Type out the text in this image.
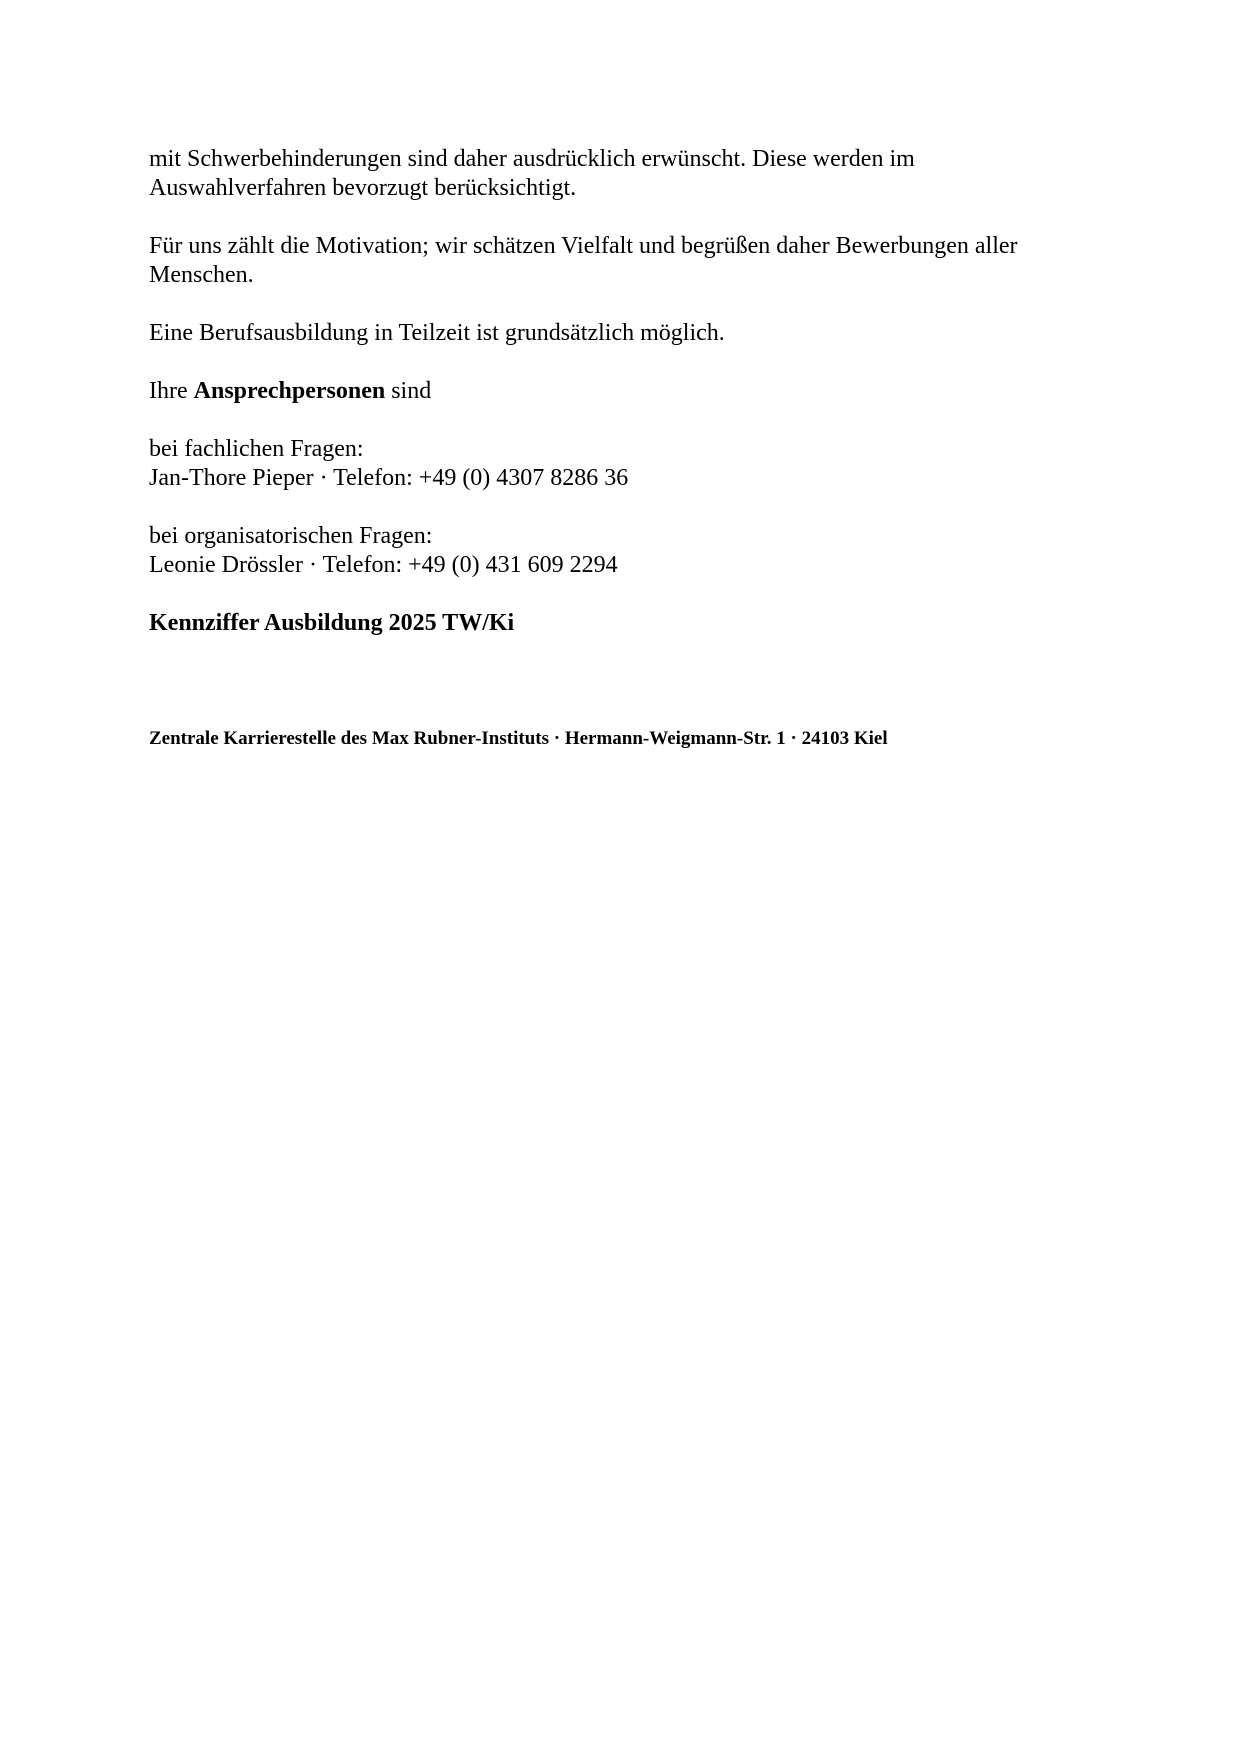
mit Schwerbehinderungen sind daher ausdrücklich erwünscht. Diese werden im
Auswahlverfahren bevorzugt berücksichtigt.

Für uns zählt die Motivation; wir schätzen Vielfalt und begrüßen daher Bewerbungen aller
Menschen.

Eine Berufsausbildung in Teilzeit ist grundsätzlich möglich.

Ihre Ansprechpersonen sind

bei fachlichen Fragen:
Jan-Thore Pieper · Telefon: +49 (0) 4307 8286 36

bei organisatorischen Fragen:
Leonie Drössler · Telefon: +49 (0) 431 609 2294

Kennziffer Ausbildung 2025 TW/Ki

Zentrale Karrierestelle des Max Rubner-Instituts · Hermann-Weigmann-Str. 1 · 24103 Kiel
